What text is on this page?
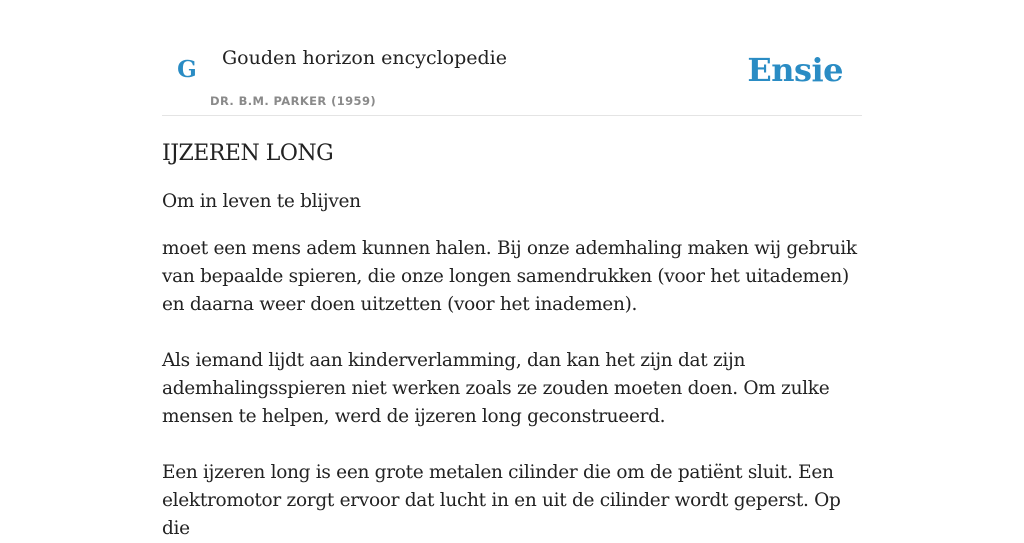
G Gouden horizon encyclopedie
DR. B.M. PARKER (1959)
Ensie
IJZEREN LONG

Om in leven te blijven

moet een mens adem kunnen halen. Bij onze ademhaling maken wij gebruik van bepaalde spieren, die onze longen samendrukken (voor het uitademen) en daarna weer doen uitzetten (voor het inademen).

Als iemand lijdt aan kinderverlamming, dan kan het zijn dat zijn ademhalingsspieren niet werken zoals ze zouden moeten doen. Om zulke mensen te helpen, werd de ijzeren long geconstrueerd.

Een ijzeren long is een grote metalen cilinder die om de patiënt sluit. Een elektromotor zorgt ervoor dat lucht in en uit de cilinder wordt geperst. Op die
